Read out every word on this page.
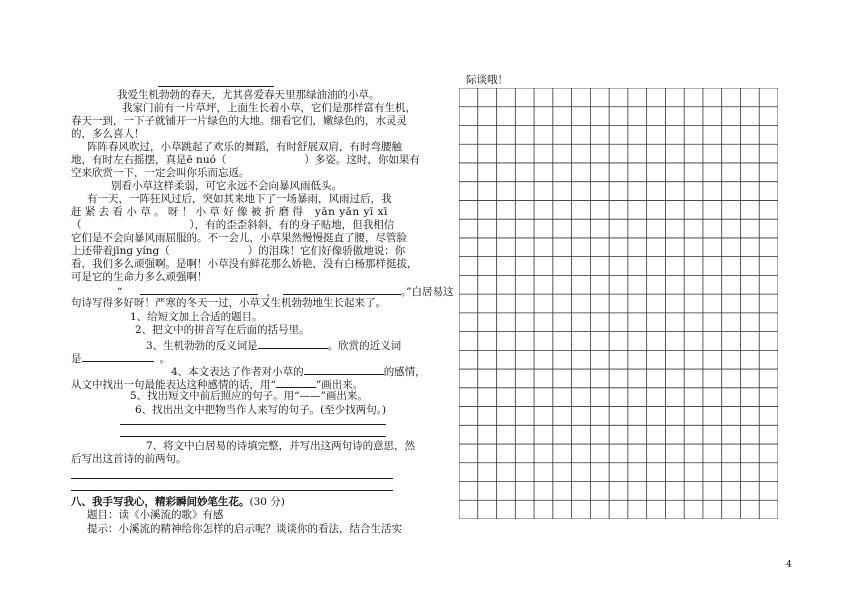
我爱生机勃勃的春天，尤其喜爱春天里那绿油油的小草。
我家门前有一片草坪，上面生长着小草，它们是那样富有生机，
春天一到，一下子就铺开一片绿色的大地。细看它们，嫩绿色的，水灵灵
的，多么喜人！
阵阵春风吹过，小草跳起了欢乐的舞蹈，有时舒展双肩，有时弯腰触
地，有时左右摇摆，真是ē nuó（	）多姿。这时，你如果有
空来欣赏一下，一定会叫你乐而忘返。
别看小草这样柔弱，可它永远不会向暴风雨低头。
有一天，一阵狂风过后，突如其来地下了一场暴雨，风雨过后，我
赶 紧 去 看 小 草 。 呀 ！ 小 草 好 像 被 折 磨 得 yān yān yī xī
（	），有的歪歪斜斜，有的身子贴地，但我相信
它们是不会向暴风雨屈服的。不一会儿，小草果然慢慢挺直了腰，尽管脸
上还带着jīng yíng（	）的泪珠！它们好像骄傲地说：你
看，我们多么顽强啊。是啊！小草没有鲜花那么娇艳，没有白杨那样挺拔，
可是它的生命力多么顽强啊！
“	，	。”白居易这
句诗写得多好呀！严寒的冬天一过，小草又生机勃勃地生长起来了。
1、给短文加上合适的题目。
2、把文中的拼音写在后面的括号里。
3、生机勃勃的反义词是	。欣赏的近义词
是	。
4、本文表达了作者对小草的	的感情，
从文中找出一句最能表达这种感情的话，用“	”画出来。
5、找出短文中前后照应的句子。用“——”画出来。
6、找出出文中把物当作人来写的句子。(至少找两句。)
7、将文中白居易的诗填完整，并写出这两句诗的意思，然
后写出这首诗的前两句。
八、我手写我心，精彩瞬间妙笔生花。(30 分)
题目：读《小溪流的歌》有感
提示：小溪流的精神给你怎样的启示呢？谈谈你的看法，结合生活实
际谈哦！
4
